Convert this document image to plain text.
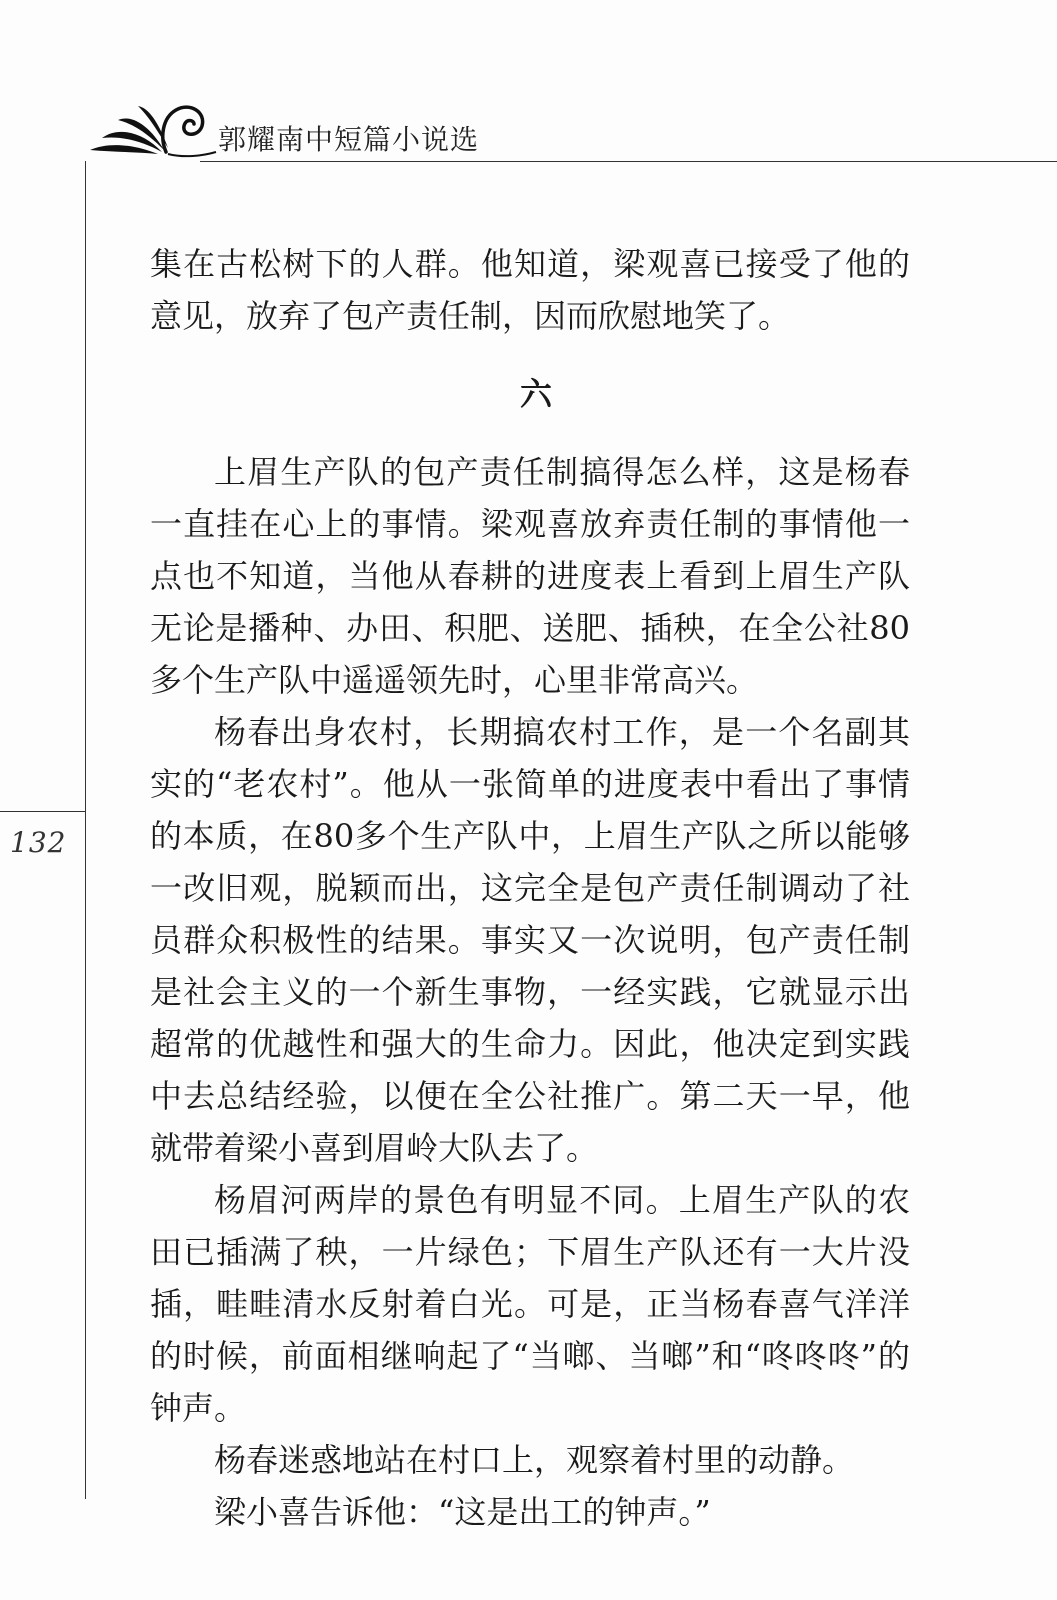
郭耀南中短篇小说选
132

集在古松树下的人群。他知道，梁观喜已接受了他的意见，放弃了包产责任制，因而欣慰地笑了。

六

上眉生产队的包产责任制搞得怎么样，这是杨春一直挂在心上的事情。梁观喜放弃责任制的事情他一点也不知道，当他从春耕的进度表上看到上眉生产队无论是播种、办田、积肥、送肥、插秧，在全公社80多个生产队中遥遥领先时，心里非常高兴。

杨春出身农村，长期搞农村工作，是一个名副其实的“老农村”。他从一张简单的进度表中看出了事情的本质，在80多个生产队中，上眉生产队之所以能够一改旧观，脱颖而出，这完全是包产责任制调动了社员群众积极性的结果。事实又一次说明，包产责任制是社会主义的一个新生事物，一经实践，它就显示出超常的优越性和强大的生命力。因此，他决定到实践中去总结经验，以便在全公社推广。第二天一早，他就带着梁小喜到眉岭大队去了。

杨眉河两岸的景色有明显不同。上眉生产队的农田已插满了秧，一片绿色；下眉生产队还有一大片没插，畦畦清水反射着白光。可是，正当杨春喜气洋洋的时候，前面相继响起了“当啷、当啷”和“咚咚咚”的钟声。

杨春迷惑地站在村口上，观察着村里的动静。

梁小喜告诉他：“这是出工的钟声。”
